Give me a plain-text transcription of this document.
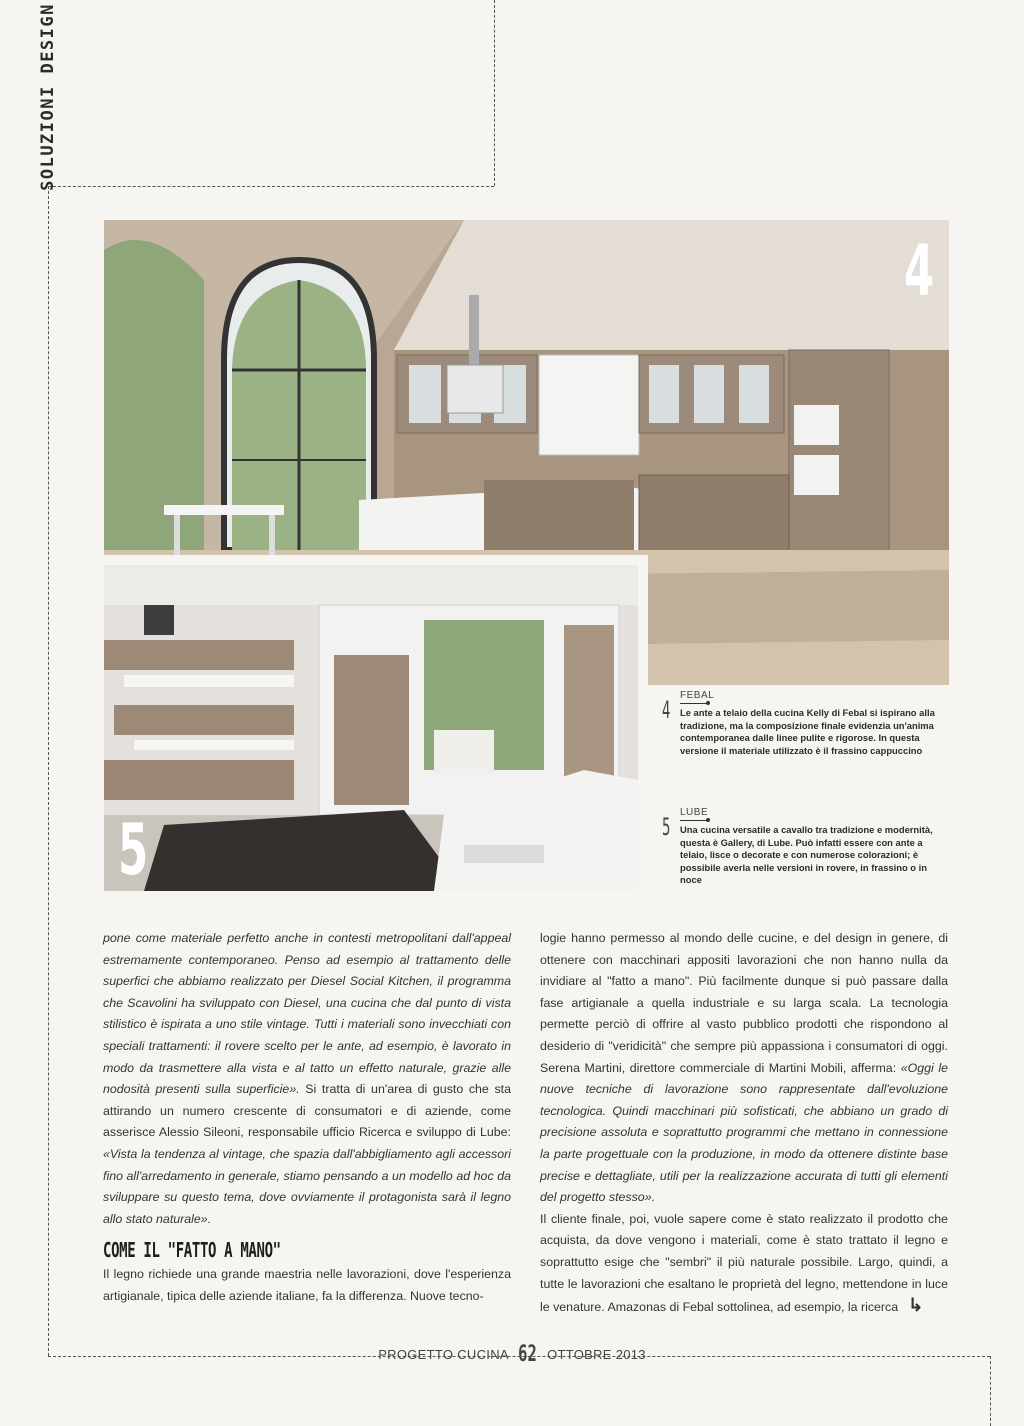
SOLUZIONI DESIGN
4
5
4
FEBAL
Le ante a telaio della cucina Kelly di Febal si ispirano alla tradizione, ma la composizione finale evidenzia un'anima contemporanea dalle linee pulite e rigorose. In questa versione il materiale utilizzato è il frassino cappuccino
5
LUBE
Una cucina versatile a cavallo tra tradizione e modernità, questa è Gallery, di Lube. Può infatti essere con ante a telaio, lisce o decorate e con numerose colorazioni; è possibile averla nelle versioni in rovere, in frassino o in noce

pone come materiale perfetto anche in contesti metropolitani dall'appeal estremamente contemporaneo. Penso ad esempio al trattamento delle superfici che abbiamo realizzato per Diesel Social Kitchen, il programma che Scavolini ha sviluppato con Diesel, una cucina che dal punto di vista stilistico è ispirata a uno stile vintage. Tutti i materiali sono invecchiati con speciali trattamenti: il rovere scelto per le ante, ad esempio, è lavorato in modo da trasmettere alla vista e al tatto un effetto naturale, grazie alle nodosità presenti sulla superficie». Si tratta di un'area di gusto che sta attirando un numero crescente di consumatori e di aziende, come asserisce Alessio Sileoni, responsabile ufficio Ricerca e sviluppo di Lube: «Vista la tendenza al vintage, che spazia dall'abbigliamento agli accessori fino all'arredamento in generale, stiamo pensando a un modello ad hoc da sviluppare su questo tema, dove ovviamente il protagonista sarà il legno allo stato naturale».

COME IL "FATTO A MANO"

Il legno richiede una grande maestria nelle lavorazioni, dove l'esperienza artigianale, tipica delle aziende italiane, fa la differenza. Nuove tecno-

logie hanno permesso al mondo delle cucine, e del design in genere, di ottenere con macchinari appositi lavorazioni che non hanno nulla da invidiare al "fatto a mano". Più facilmente dunque si può passare dalla fase artigianale a quella industriale e su larga scala. La tecnologia permette perciò di offrire al vasto pubblico prodotti che rispondono al desiderio di "veridicità" che sempre più appassiona i consumatori di oggi. Serena Martini, direttore commerciale di Martini Mobili, afferma: «Oggi le nuove tecniche di lavorazione sono rappresentate dall'evoluzione tecnologica. Quindi macchinari più sofisticati, che abbiano un grado di precisione assoluta e soprattutto programmi che mettano in connessione la parte progettuale con la produzione, in modo da ottenere distinte base precise e dettagliate, utili per la realizzazione accurata di tutti gli elementi del progetto stesso».

Il cliente finale, poi, vuole sapere come è stato realizzato il prodotto che acquista, da dove vengono i materiali, come è stato trattato il legno e soprattutto esige che "sembri" il più naturale possibile. Largo, quindi, a tutte le lavorazioni che esaltano le proprietà del legno, mettendone in luce le venature. Amazonas di Febal sottolinea, ad esempio, la ricerca ↳

PROGETTO CUCINA 62 OTTOBRE 2013
